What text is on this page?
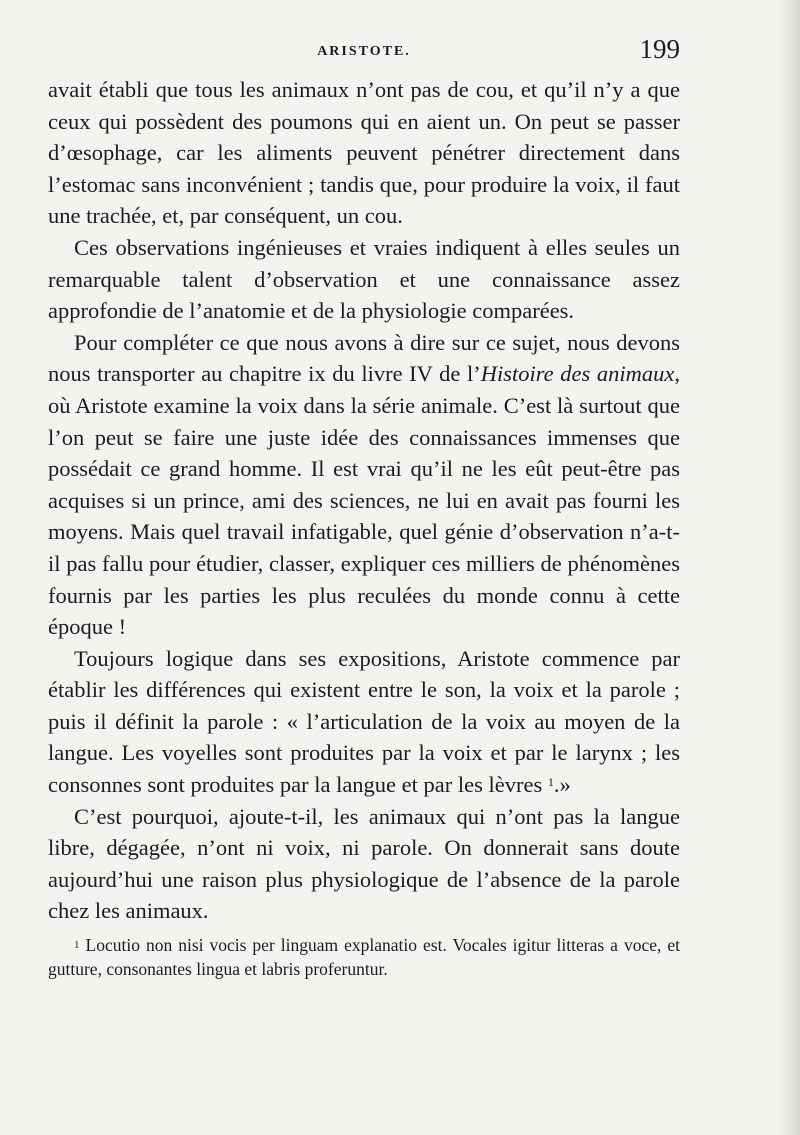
ARISTOTE.	199

avait établi que tous les animaux n’ont pas de cou, et qu’il n’y a que ceux qui possèdent des poumons qui en aient un. On peut se passer d’œsophage, car les aliments peuvent pénétrer directement dans l’estomac sans inconvénient ; tandis que, pour produire la voix, il faut une trachée, et, par conséquent, un cou.

Ces observations ingénieuses et vraies indiquent à elles seules un remarquable talent d’observation et une connaissance assez approfondie de l’anatomie et de la physiologie comparées.

Pour compléter ce que nous avons à dire sur ce sujet, nous devons nous transporter au chapitre ix du livre IV de l’Histoire des animaux, où Aristote examine la voix dans la série animale. C’est là surtout que l’on peut se faire une juste idée des connaissances immenses que possédait ce grand homme. Il est vrai qu’il ne les eût peut-être pas acquises si un prince, ami des sciences, ne lui en avait pas fourni les moyens. Mais quel travail infatigable, quel génie d’observation n’a-t-il pas fallu pour étudier, classer, expliquer ces milliers de phénomènes fournis par les parties les plus reculées du monde connu à cette époque !

Toujours logique dans ses expositions, Aristote commence par établir les différences qui existent entre le son, la voix et la parole ; puis il définit la parole : « l’articulation de la voix au moyen de la langue. Les voyelles sont produites par la voix et par le larynx ; les consonnes sont produites par la langue et par les lèvres $^1$.»

C’est pourquoi, ajoute-t-il, les animaux qui n’ont pas la langue libre, dégagée, n’ont ni voix, ni parole. On donnerait sans doute aujourd’hui une raison plus physiologique de l’absence de la parole chez les animaux.

$^1$ Locutio non nisi vocis per linguam explanatio est. Vocales igitur litteras a voce, et gutture, consonantes lingua et labris proferuntur.
